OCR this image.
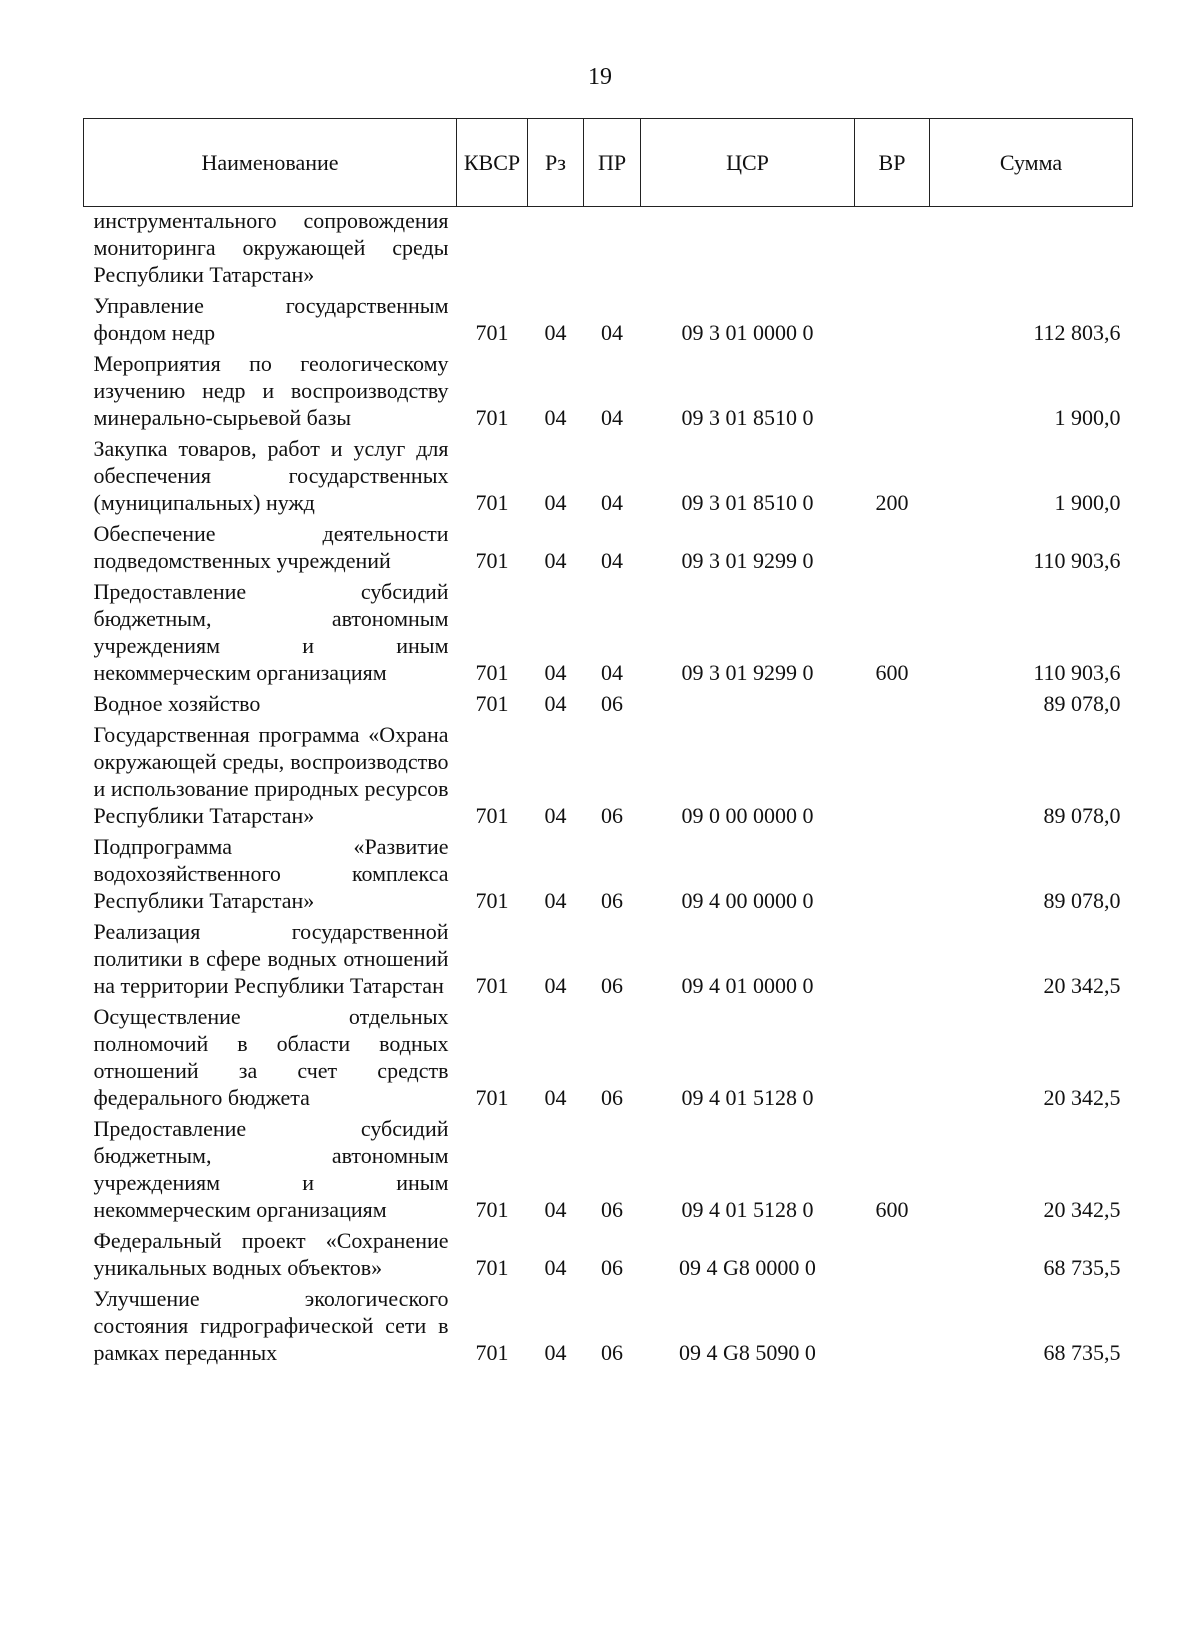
19
Наименование	КВСР	Рз	ПР	ЦСР	ВР	Сумма
инструментального сопровождения мониторинга окружающей среды Республики Татарстан»						
Управление государственным фондом недр	701	04	04	09 3 01 0000 0		112 803,6
Мероприятия по геологическому изучению недр и воспроизводству минерально-сырьевой базы	701	04	04	09 3 01 8510 0		1 900,0
Закупка товаров, работ и услуг для обеспечения государственных (муниципальных) нужд	701	04	04	09 3 01 8510 0	200	1 900,0
Обеспечение деятельности подведомственных учреждений	701	04	04	09 3 01 9299 0		110 903,6
Предоставление субсидий бюджетным, автономным учреждениям и иным некоммерческим организациям	701	04	04	09 3 01 9299 0	600	110 903,6
Водное хозяйство	701	04	06			89 078,0
Государственная программа «Охрана окружающей среды, воспроизводство и использование природных ресурсов Республики Татарстан»	701	04	06	09 0 00 0000 0		89 078,0
Подпрограмма «Развитие водохозяйственного комплекса Республики Татарстан»	701	04	06	09 4 00 0000 0		89 078,0
Реализация государственной политики в сфере водных отношений на территории Республики Татарстан	701	04	06	09 4 01 0000 0		20 342,5
Осуществление отдельных полномочий в области водных отношений за счет средств федерального бюджета	701	04	06	09 4 01 5128 0		20 342,5
Предоставление субсидий бюджетным, автономным учреждениям и иным некоммерческим организациям	701	04	06	09 4 01 5128 0	600	20 342,5
Федеральный проект «Сохранение уникальных водных объектов»	701	04	06	09 4 G8 0000 0		68 735,5
Улучшение экологического состояния гидрографической сети в рамках переданных	701	04	06	09 4 G8 5090 0		68 735,5
